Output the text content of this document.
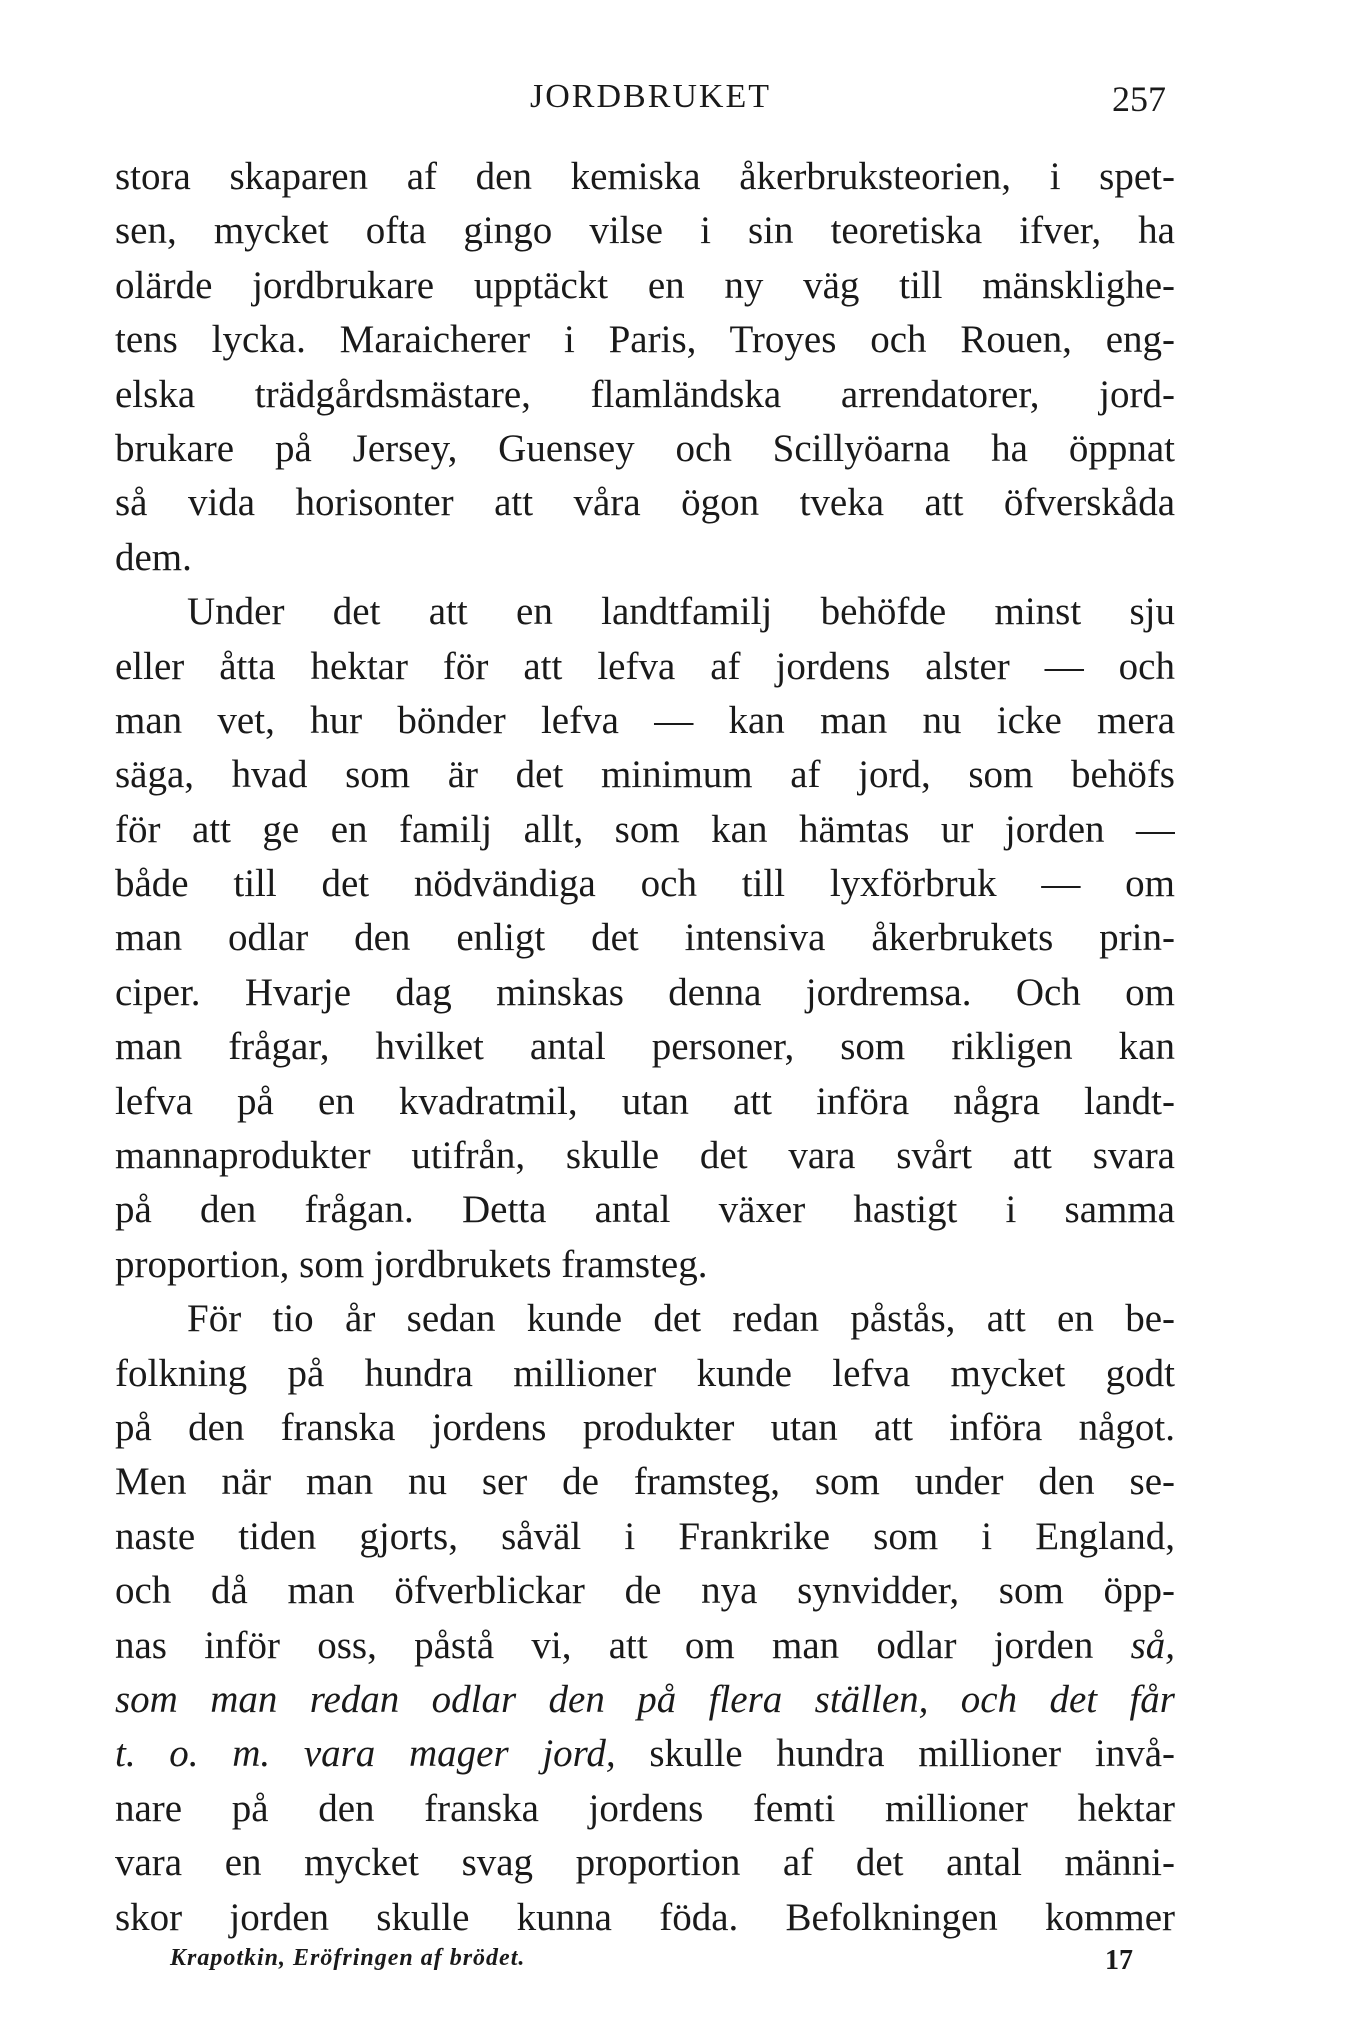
JORDBRUKET	257
stora skaparen af den kemiska åkerbruksteorien, i spet-
sen, mycket ofta gingo vilse i sin teoretiska ifver, ha
olärde jordbrukare upptäckt en ny väg till mänsklighe-
tens lycka. Maraicherer i Paris, Troyes och Rouen, eng-
elska trädgårdsmästare, flamländska arrendatorer, jord-
brukare på Jersey, Guensey och Scillyöarna ha öppnat
så vida horisonter att våra ögon tveka att öfverskåda
dem.
Under det att en landtfamilj behöfde minst sju
eller åtta hektar för att lefva af jordens alster — och
man vet, hur bönder lefva — kan man nu icke mera
säga, hvad som är det minimum af jord, som behöfs
för att ge en familj allt, som kan hämtas ur jorden —
både till det nödvändiga och till lyxförbruk — om
man odlar den enligt det intensiva åkerbrukets prin-
ciper. Hvarje dag minskas denna jordremsa. Och om
man frågar, hvilket antal personer, som rikligen kan
lefva på en kvadratmil, utan att införa några landt-
mannaprodukter utifrån, skulle det vara svårt att svara
på den frågan. Detta antal växer hastigt i samma
proportion, som jordbrukets framsteg.
För tio år sedan kunde det redan påstås, att en be-
folkning på hundra millioner kunde lefva mycket godt
på den franska jordens produkter utan att införa något.
Men när man nu ser de framsteg, som under den se-
naste tiden gjorts, såväl i Frankrike som i England,
och då man öfverblickar de nya synvidder, som öpp-
nas inför oss, påstå vi, att om man odlar jorden så,
som man redan odlar den på flera ställen, och det får
t. o. m. vara mager jord, skulle hundra millioner invå-
nare på den franska jordens femti millioner hektar
vara en mycket svag proportion af det antal männi-
skor jorden skulle kunna föda. Befolkningen kommer
Krapotkin, Eröfringen af brödet.	17
